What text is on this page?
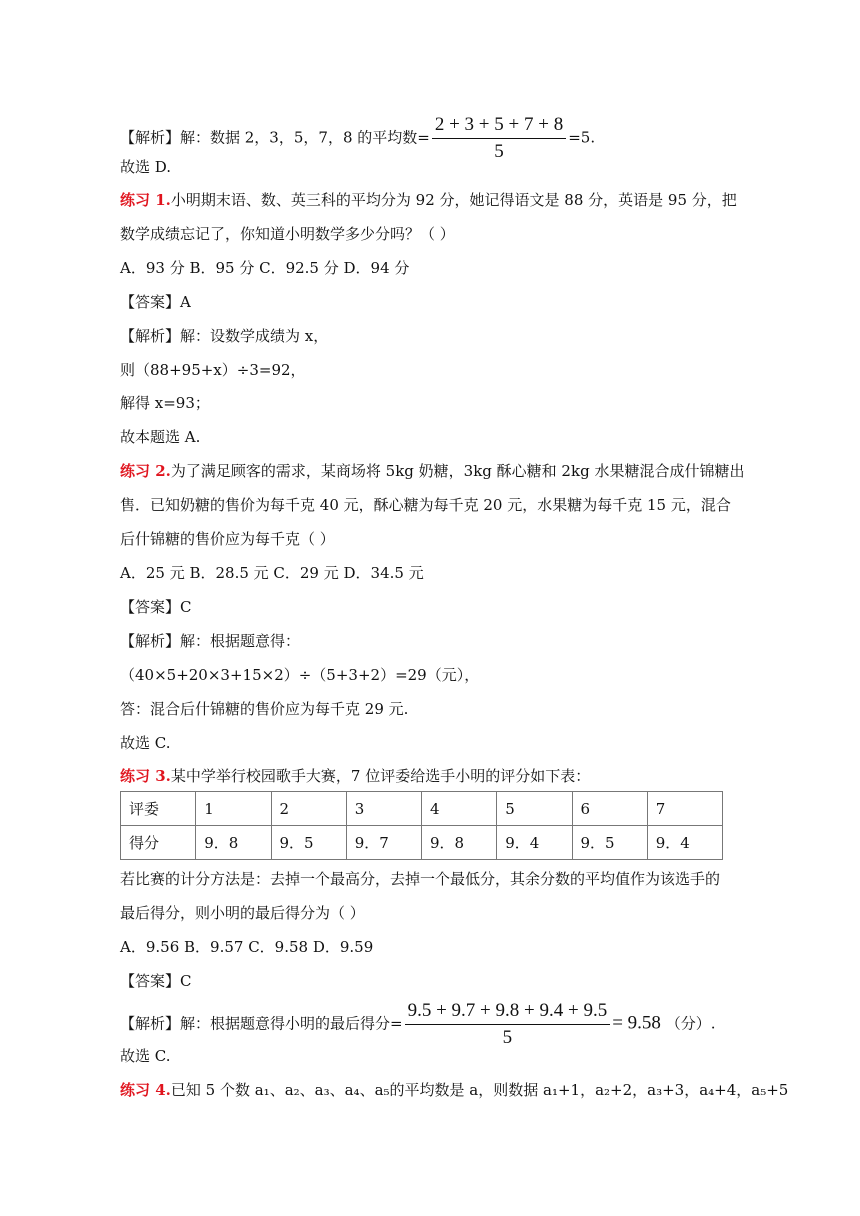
【解析】解：数据 2，3，5，7，8 的平均数= $\frac{2 + 3 + 5 + 7 + 8}{5} =5$.
故选 D.
练习 1.小明期末语、数、英三科的平均分为 92 分，她记得语文是 88 分，英语是 95 分，把
数学成绩忘记了，你知道小明数学多少分吗？（ ）
A．93 分 B．95 分 C．92.5 分 D．94 分
【答案】A
【解析】解：设数学成绩为 x，
则（88+95+x）÷3=92，
解得 x=93；
故本题选 A.
练习 2.为了满足顾客的需求，某商场将 5kg 奶糖，3kg 酥心糖和 2kg 水果糖混合成什锦糖出
售．已知奶糖的售价为每千克 40 元，酥心糖为每千克 20 元，水果糖为每千克 15 元，混合
后什锦糖的售价应为每千克（ ）
A．25 元 B．28.5 元 C．29 元 D．34.5 元
【答案】C
【解析】解：根据题意得：
（40×5+20×3+15×2）÷（5+3+2）=29（元），
答：混合后什锦糖的售价应为每千克 29 元.
故选 C.
练习 3.某中学举行校园歌手大赛，7 位评委给选手小明的评分如下表：
评委	1	2	3	4	5	6	7
得分	9．8	9．5	9．7	9．8	9．4	9．5	9．4
若比赛的计分方法是：去掉一个最高分，去掉一个最低分，其余分数的平均值作为该选手的
最后得分，则小明的最后得分为（ ）
A．9.56 B．9.57 C．9.58 D．9.59
【答案】C
【解析】解：根据题意得小明的最后得分= $\frac{9.5 + 9.7 + 9.8 + 9.4 + 9.5}{5} = 9.58$ （分）.
故选 C.
练习 4.已知 5 个数 a₁、a₂、a₃、a₄、a₅的平均数是 a，则数据 a₁+1，a₂+2，a₃+3，a₄+4，a₅+5
